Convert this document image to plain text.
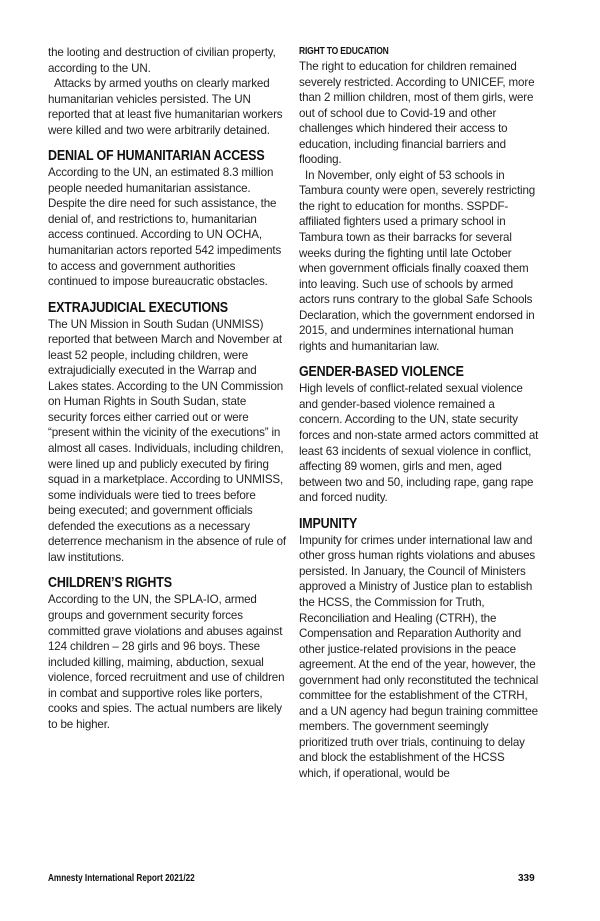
the looting and destruction of civilian property, according to the UN.

Attacks by armed youths on clearly marked humanitarian vehicles persisted. The UN reported that at least five humanitarian workers were killed and two were arbitrarily detained.

DENIAL OF HUMANITARIAN ACCESS

According to the UN, an estimated 8.3 million people needed humanitarian assistance. Despite the dire need for such assistance, the denial of, and restrictions to, humanitarian access continued. According to UN OCHA, humanitarian actors reported 542 impediments to access and government authorities continued to impose bureaucratic obstacles.

EXTRAJUDICIAL EXECUTIONS

The UN Mission in South Sudan (UNMISS) reported that between March and November at least 52 people, including children, were extrajudicially executed in the Warrap and Lakes states. According to the UN Commission on Human Rights in South Sudan, state security forces either carried out or were “present within the vicinity of the executions” in almost all cases. Individuals, including children, were lined up and publicly executed by firing squad in a marketplace. According to UNMISS, some individuals were tied to trees before being executed; and government officials defended the executions as a necessary deterrence mechanism in the absence of rule of law institutions.

CHILDREN’S RIGHTS

According to the UN, the SPLA-IO, armed groups and government security forces committed grave violations and abuses against 124 children – 28 girls and 96 boys. These included killing, maiming, abduction, sexual violence, forced recruitment and use of children in combat and supportive roles like porters, cooks and spies. The actual numbers are likely to be higher.

RIGHT TO EDUCATION

The right to education for children remained severely restricted. According to UNICEF, more than 2 million children, most of them girls, were out of school due to Covid-19 and other challenges which hindered their access to education, including financial barriers and flooding.

In November, only eight of 53 schools in Tambura county were open, severely restricting the right to education for months. SSPDF-affiliated fighters used a primary school in Tambura town as their barracks for several weeks during the fighting until late October when government officials finally coaxed them into leaving. Such use of schools by armed actors runs contrary to the global Safe Schools Declaration, which the government endorsed in 2015, and undermines international human rights and humanitarian law.

GENDER-BASED VIOLENCE

High levels of conflict-related sexual violence and gender-based violence remained a concern. According to the UN, state security forces and non-state armed actors committed at least 63 incidents of sexual violence in conflict, affecting 89 women, girls and men, aged between two and 50, including rape, gang rape and forced nudity.

IMPUNITY

Impunity for crimes under international law and other gross human rights violations and abuses persisted. In January, the Council of Ministers approved a Ministry of Justice plan to establish the HCSS, the Commission for Truth, Reconciliation and Healing (CTRH), the Compensation and Reparation Authority and other justice-related provisions in the peace agreement. At the end of the year, however, the government had only reconstituted the technical committee for the establishment of the CTRH, and a UN agency had begun training committee members. The government seemingly prioritized truth over trials, continuing to delay and block the establishment of the HCSS which, if operational, would be

Amnesty International Report 2021/22	339
